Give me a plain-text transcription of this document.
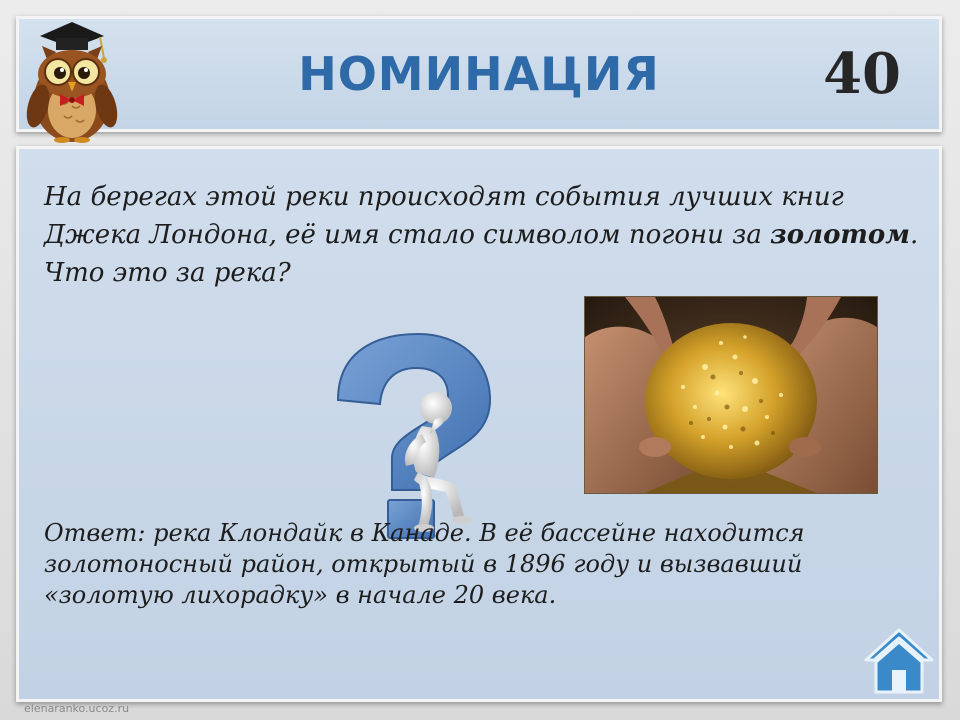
НОМИНАЦИЯ	40
На берегах этой реки происходят события лучших книг
Джека Лондона, её имя стало символом погони за золотом.
Что это за река?
Ответ: река Клондайк в Канаде. В её бассейне находится
золотоносный район, открытый в 1896 году и вызвавший
«золотую лихорадку» в начале 20 века.
elenaranko.ucoz.ru
